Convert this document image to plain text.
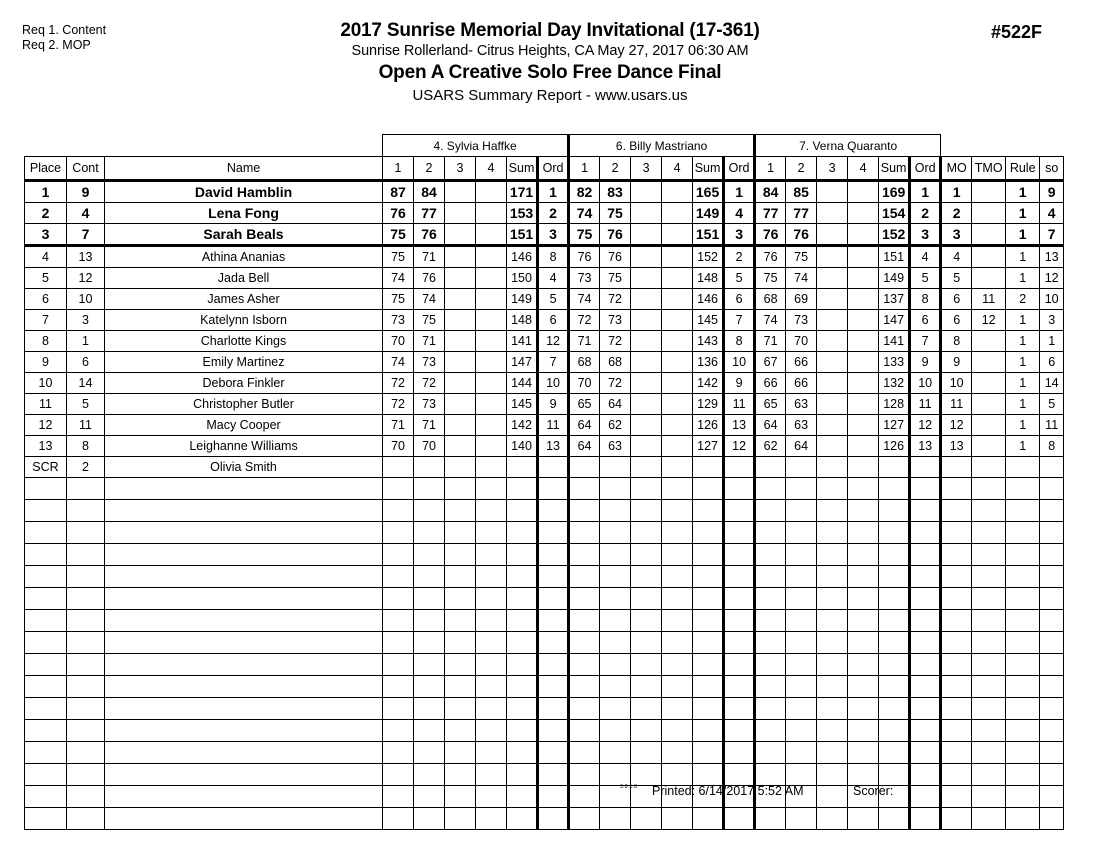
Req 1. Content
Req 2. MOP
2017 Sunrise Memorial Day Invitational (17-361)
Sunrise Rollerland- Citrus Heights, CA May 27, 2017 06:30 AM
Open A Creative Solo Free Dance Final
USARS Summary Report - www.usars.us
#522F
			4. Sylvia Haffke						6. Billy Mastriano						7. Verna Quaranto									
Place	Cont	Name	1	2	3	4	Sum	Ord	1	2	3	4	Sum	Ord	1	2	3	4	Sum	Ord	MO	TMO	Rule	so
1	9	David Hamblin	87	84			171	1	82	83			165	1	84	85			169	1	1		1	9
2	4	Lena Fong	76	77			153	2	74	75			149	4	77	77			154	2	2		1	4
3	7	Sarah Beals	75	76			151	3	75	76			151	3	76	76			152	3	3		1	7
4	13	Athina Ananias	75	71			146	8	76	76			152	2	76	75			151	4	4		1	13
5	12	Jada Bell	74	76			150	4	73	75			148	5	75	74			149	5	5		1	12
6	10	James Asher	75	74			149	5	74	72			146	6	68	69			137	8	6	11	2	10
7	3	Katelynn Isborn	73	75			148	6	72	73			145	7	74	73			147	6	6	12	1	3
8	1	Charlotte Kings	70	71			141	12	71	72			143	8	71	70			141	7	8		1	1
9	6	Emily Martinez	74	73			147	7	68	68			136	10	67	66			133	9	9		1	6
10	14	Debora Finkler	72	72			144	10	70	72			142	9	66	66			132	10	10		1	14
11	5	Christopher Butler	72	73			145	9	65	64			129	11	65	63			128	11	11		1	5
12	11	Macy Cooper	71	71			142	11	64	62			126	13	64	63			127	12	12		1	11
13	8	Leighanne Williams	70	70			140	13	64	63			127	12	62	64			126	13	13		1	8
SCR	2	Olivia Smith																						

3.8.1.8 Printed: 6/14/2017 5:52 AM	Scorer:
